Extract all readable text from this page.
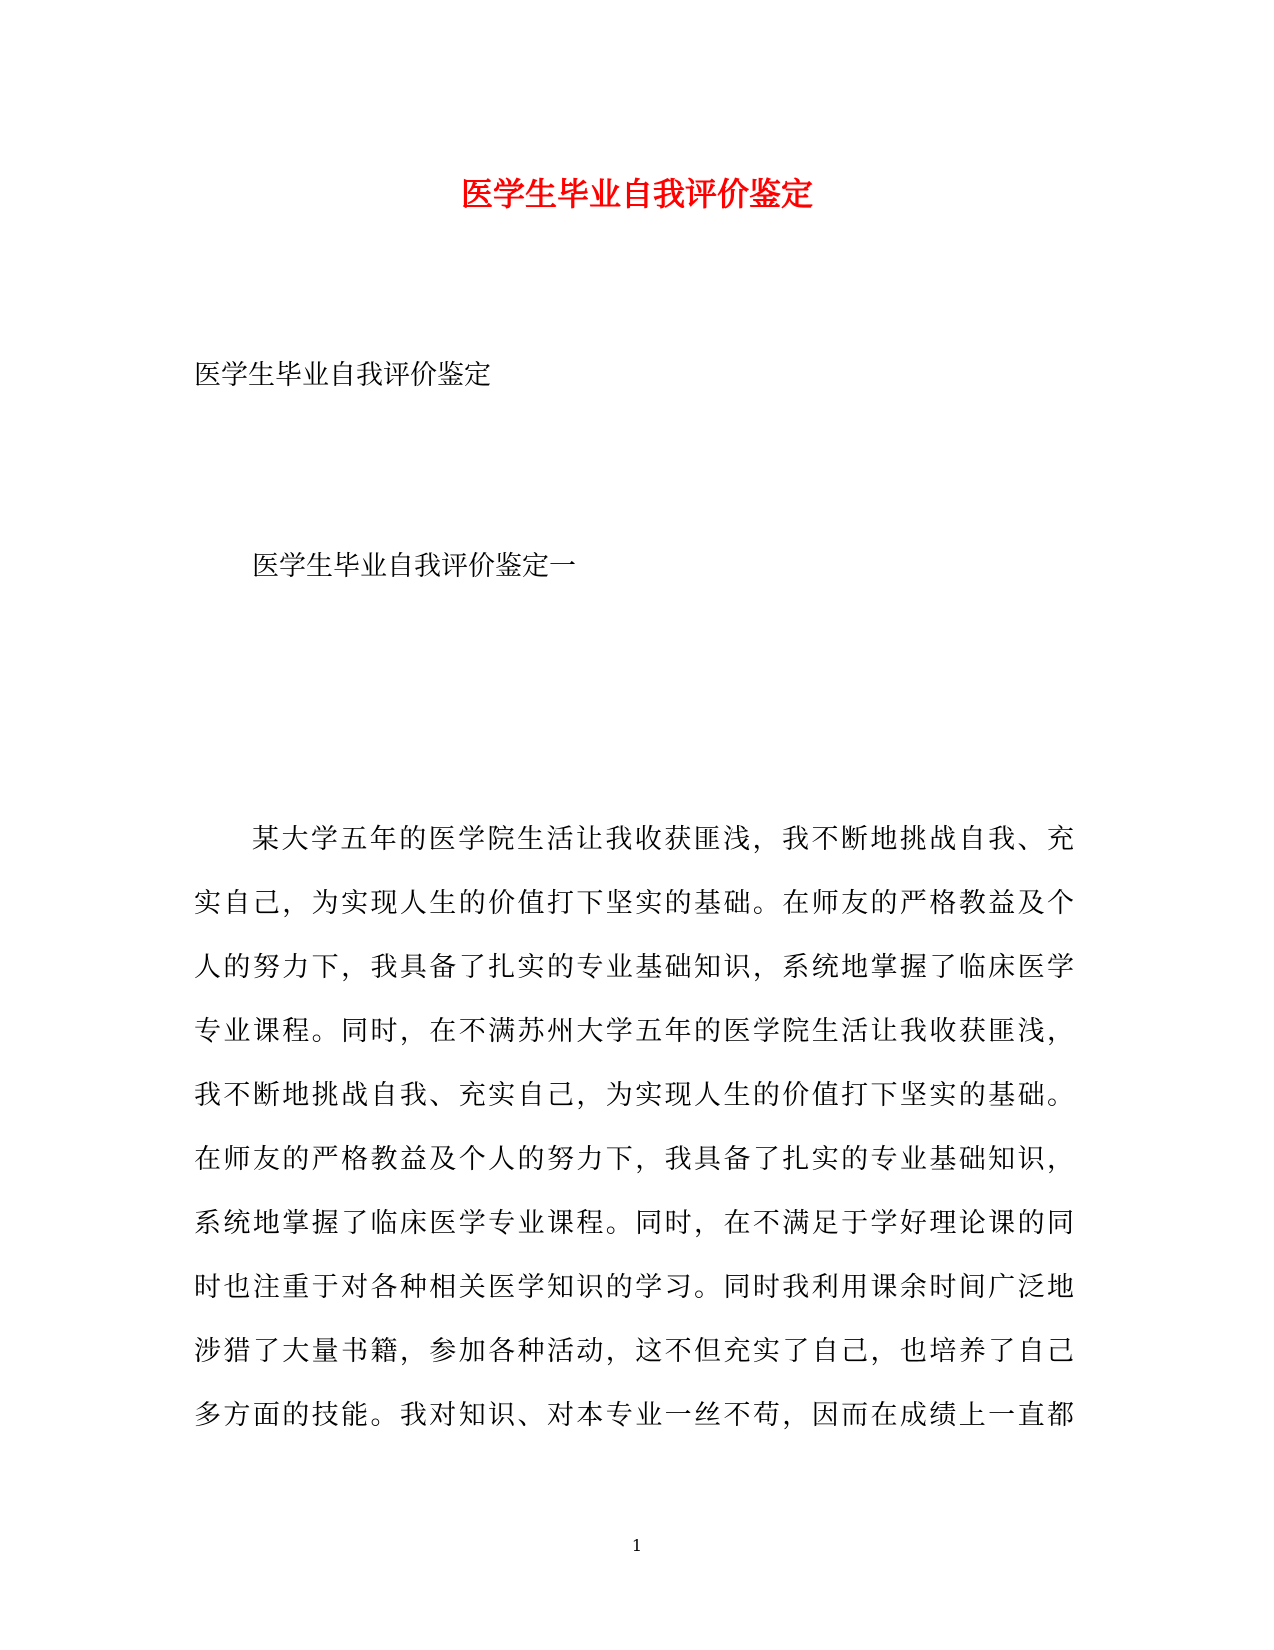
医学生毕业自我评价鉴定

医学生毕业自我评价鉴定

医学生毕业自我评价鉴定一

某大学五年的医学院生活让我收获匪浅，我不断地挑战自我、充
实自己，为实现人生的价值打下坚实的基础。在师友的严格教益及个
人的努力下，我具备了扎实的专业基础知识，系统地掌握了临床医学
专业课程。同时，在不满苏州大学五年的医学院生活让我收获匪浅，
我不断地挑战自我、充实自己，为实现人生的价值打下坚实的基础。
在师友的严格教益及个人的努力下，我具备了扎实的专业基础知识，
系统地掌握了临床医学专业课程。同时，在不满足于学好理论课的同
时也注重于对各种相关医学知识的学习。同时我利用课余时间广泛地
涉猎了大量书籍，参加各种活动，这不但充实了自己，也培养了自己
多方面的技能。我对知识、对本专业一丝不苟，因而在成绩上一直都
1
